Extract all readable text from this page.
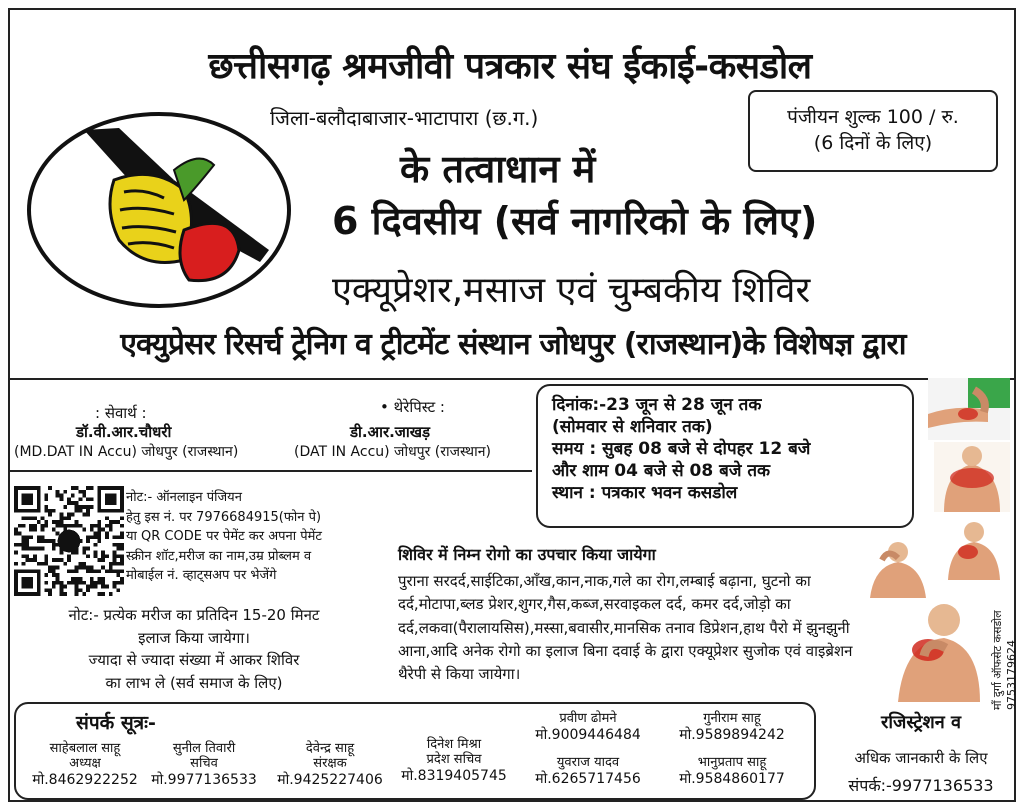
छत्तीसगढ़ श्रमजीवी पत्रकार संघ ईकाई-कसडोल
जिला-बलौदाबाजार-भाटापारा (छ.ग.)	पंजीयन शुल्क 100 / रु.
(6 दिनों के लिए)
के तत्वाधान में
6 दिवसीय (सर्व नागरिको के लिए)
एक्यूप्रेशर,मसाज एवं चुम्बकीय शिविर
एक्युप्रेसर रिसर्च ट्रेनिग व ट्रीटमेंट संस्थान जोधपुर (राजस्थान)के विशेषज्ञ द्वारा
: सेवार्थ :
डॉ.वी.आर.चौधरी
(MD.DAT IN Accu) जोधपुर (राजस्थान)
• थेरेपिस्ट :
डी.आर.जाखड़
(DAT IN Accu) जोधपुर (राजस्थान)
दिनांक:-23 जून से 28 जून तक
(सोमवार से शनिवार तक)
समय : सुबह 08 बजे से दोपहर 12 बजे
और शाम 04 बजे से 08 बजे तक
स्थान : पत्रकार भवन कसडोल
माँ दुर्गा ऑफसेट कसडोल 9753179624
नोट:- ऑनलाइन पंजियन
हेतु इस नं. पर 7976684915(फोन पे)
या QR CODE पर पेमेंट कर अपना पेमेंट
स्क्रीन शॉट,मरीज का नाम,उम्र प्रोब्लम व
मोबाईल नं. व्हाट्सअप पर भेजेंगे
नोट:- प्रत्येक मरीज का प्रतिदिन 15-20 मिनट
इलाज किया जायेगा।
ज्यादा से ज्यादा संख्या में आकर शिविर
का लाभ ले (सर्व समाज के लिए)
शिविर में निम्न रोगो का उपचार किया जायेगा
पुराना सरदर्द,साईटिका,आँख,कान,नाक,गले का रोग,लम्बाई बढ़ाना, घुटनो का दर्द,मोटापा,ब्लड प्रेशर,शुगर,गैस,कब्ज,सरवाइकल दर्द, कमर दर्द,जोड़ो का दर्द,लकवा(पैरालायसिस),मस्सा,बवासीर,मानसिक तनाव डिप्रेशन,हाथ पैरो में झुनझुनी आना,आदि अनेक रोगो का इलाज बिना दवाई के द्वारा एक्यूप्रेशर सुजोक एवं वाइब्रेशन थैरेपी से किया जायेगा।
संपर्क सूत्रः-
साहेबलाल साहू
अध्यक्ष
मो.8462922252
सुनील तिवारी
सचिव
मो.9977136533
देवेन्द्र साहू
संरक्षक
मो.9425227406
दिनेश मिश्रा
प्रदेश सचिव
मो.8319405745
प्रवीण ढोमने
मो.9009446484
युवराज यादव
मो.6265717456
गुनीराम साहू
मो.9589894242
भानुप्रताप साहू
मो.9584860177
रजिस्ट्रेशन व
अधिक जानकारी के लिए
संपर्क:-9977136533
